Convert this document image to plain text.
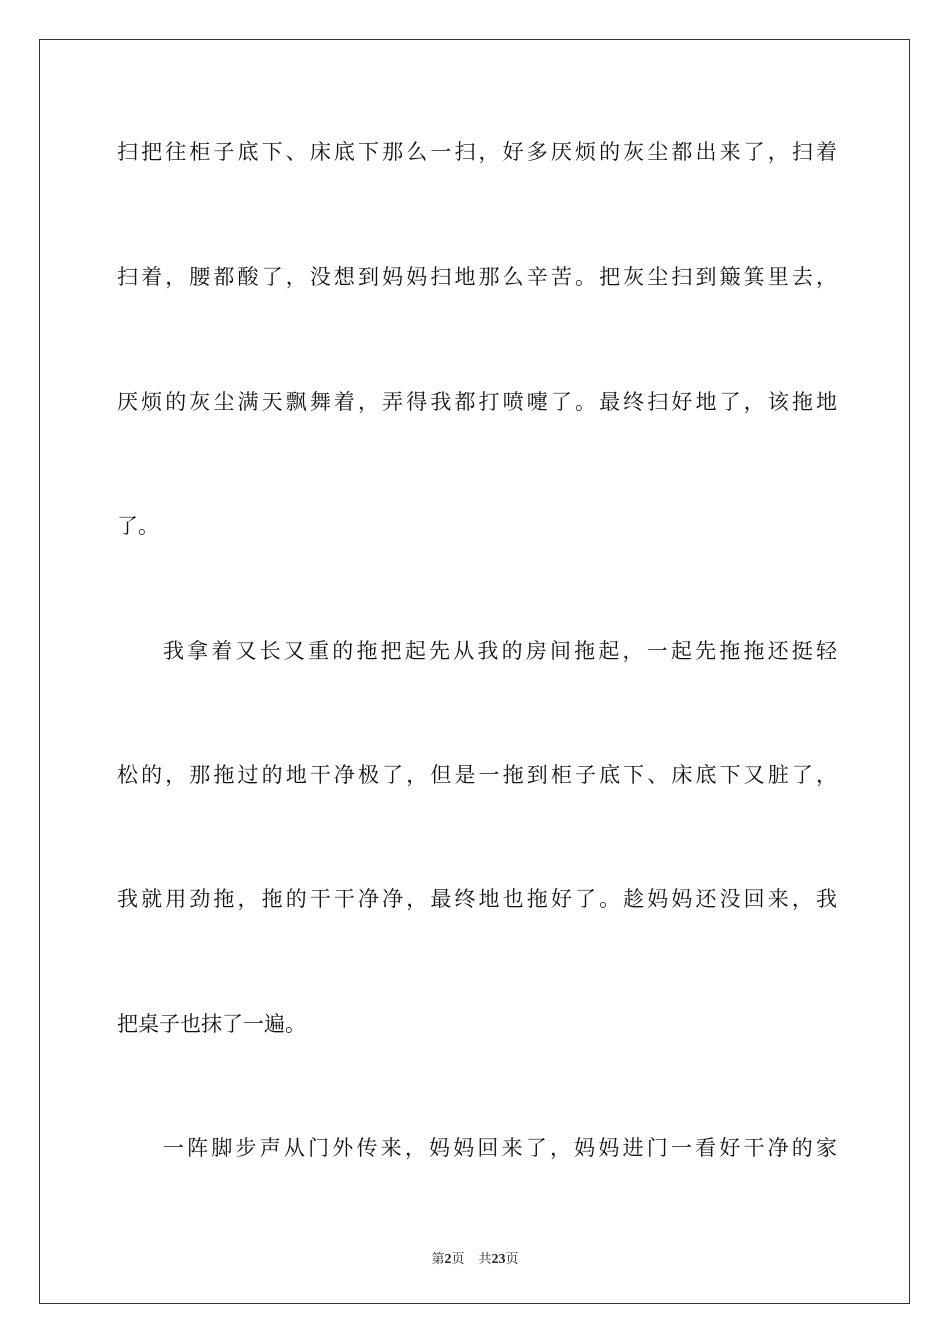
扫把往柜子底下、床底下那么一扫，好多厌烦的灰尘都出来了，扫着
扫着，腰都酸了，没想到妈妈扫地那么辛苦。把灰尘扫到簸箕里去，
厌烦的灰尘满天飘舞着，弄得我都打喷嚏了。最终扫好地了，该拖地
了。
我拿着又长又重的拖把起先从我的房间拖起，一起先拖拖还挺轻
松的，那拖过的地干净极了，但是一拖到柜子底下、床底下又脏了，
我就用劲拖，拖的干干净净，最终地也拖好了。趁妈妈还没回来，我
把桌子也抹了一遍。
一阵脚步声从门外传来，妈妈回来了，妈妈进门一看好干净的家
第2页 共23页
